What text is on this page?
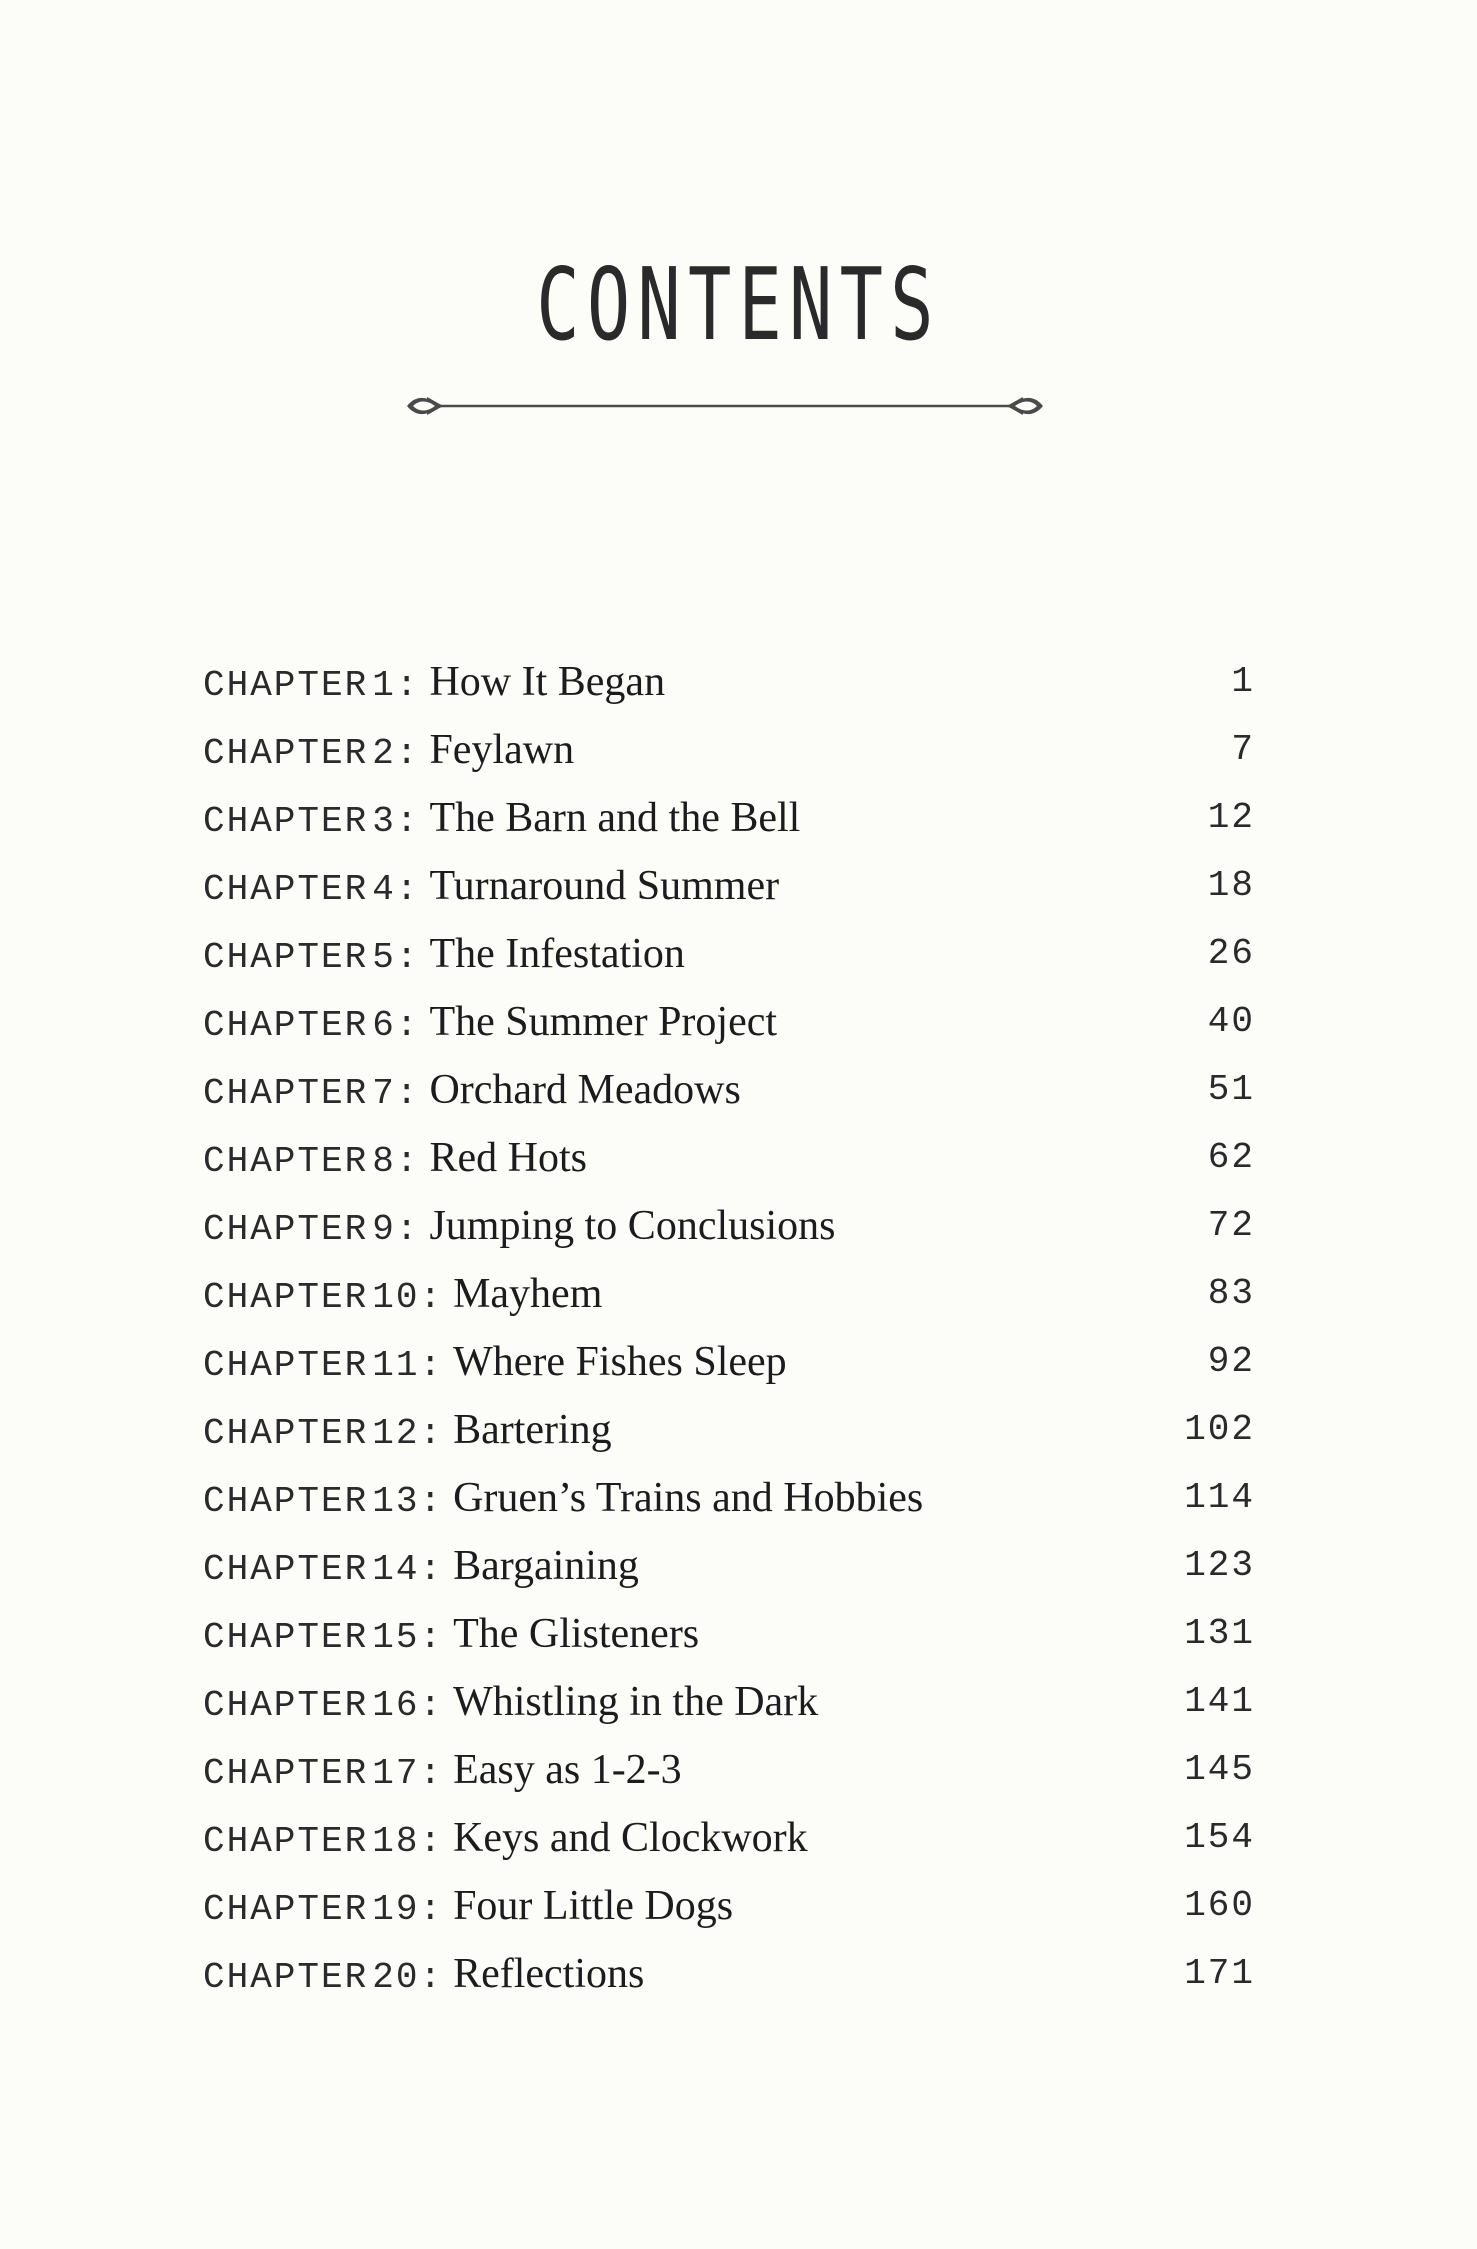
CONTENTS
CHAPTER 1: How It Began	1
CHAPTER 2: Feylawn	7
CHAPTER 3: The Barn and the Bell	12
CHAPTER 4: Turnaround Summer	18
CHAPTER 5: The Infestation	26
CHAPTER 6: The Summer Project	40
CHAPTER 7: Orchard Meadows	51
CHAPTER 8: Red Hots	62
CHAPTER 9: Jumping to Conclusions	72
CHAPTER 10: Mayhem	83
CHAPTER 11: Where Fishes Sleep	92
CHAPTER 12: Bartering	102
CHAPTER 13: Gruen’s Trains and Hobbies	114
CHAPTER 14: Bargaining	123
CHAPTER 15: The Glisteners	131
CHAPTER 16: Whistling in the Dark	141
CHAPTER 17: Easy as 1-2-3	145
CHAPTER 18: Keys and Clockwork	154
CHAPTER 19: Four Little Dogs	160
CHAPTER 20: Reflections	171
